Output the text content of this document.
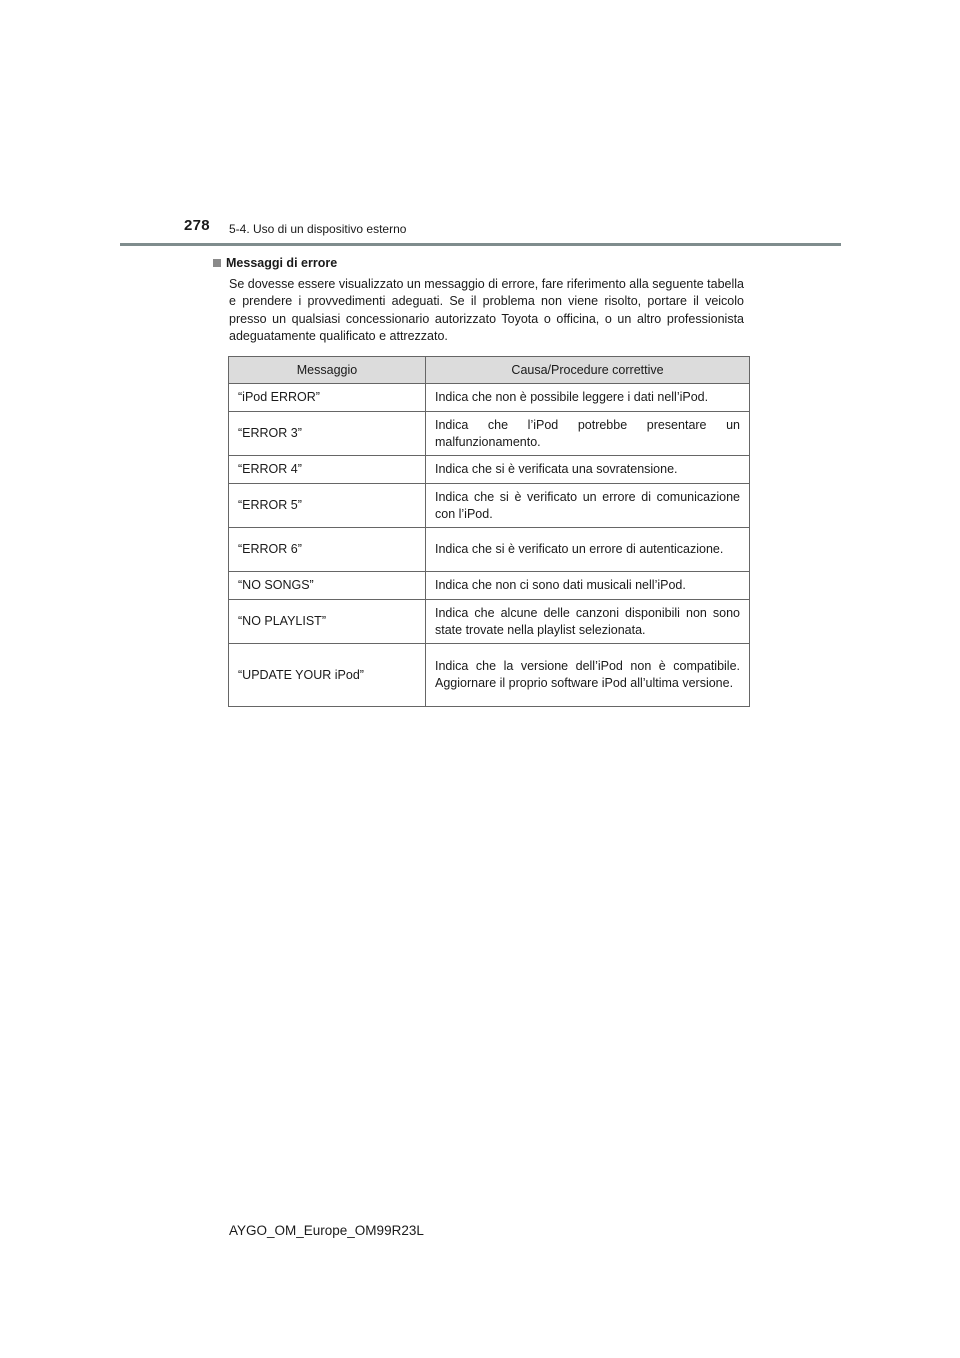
278 5-4. Uso di un dispositivo esterno
Messaggi di errore

Se dovesse essere visualizzato un messaggio di errore, fare riferimento alla seguente tabella e prendere i provvedimenti adeguati. Se il problema non viene risolto, portare il veicolo presso un qualsiasi concessionario autorizzato Toyota o officina, o un altro professionista adeguatamente qualificato e attrezzato.

Messaggio	Causa/Procedure correttive
“iPod ERROR”	Indica che non è possibile leggere i dati nell’iPod.
“ERROR 3”	Indica che l’iPod potrebbe presentare un malfunzionamento.
“ERROR 4”	Indica che si è verificata una sovratensione.
“ERROR 5”	Indica che si è verificato un errore di comunicazione con l’iPod.
“ERROR 6”	Indica che si è verificato un errore di autenticazione.
“NO SONGS”	Indica che non ci sono dati musicali nell’iPod.
“NO PLAYLIST”	Indica che alcune delle canzoni disponibili non sono state trovate nella playlist selezionata.
“UPDATE YOUR iPod”	Indica che la versione dell’iPod non è compatibile. Aggiornare il proprio software iPod all’ultima versione.
AYGO_OM_Europe_OM99R23L
